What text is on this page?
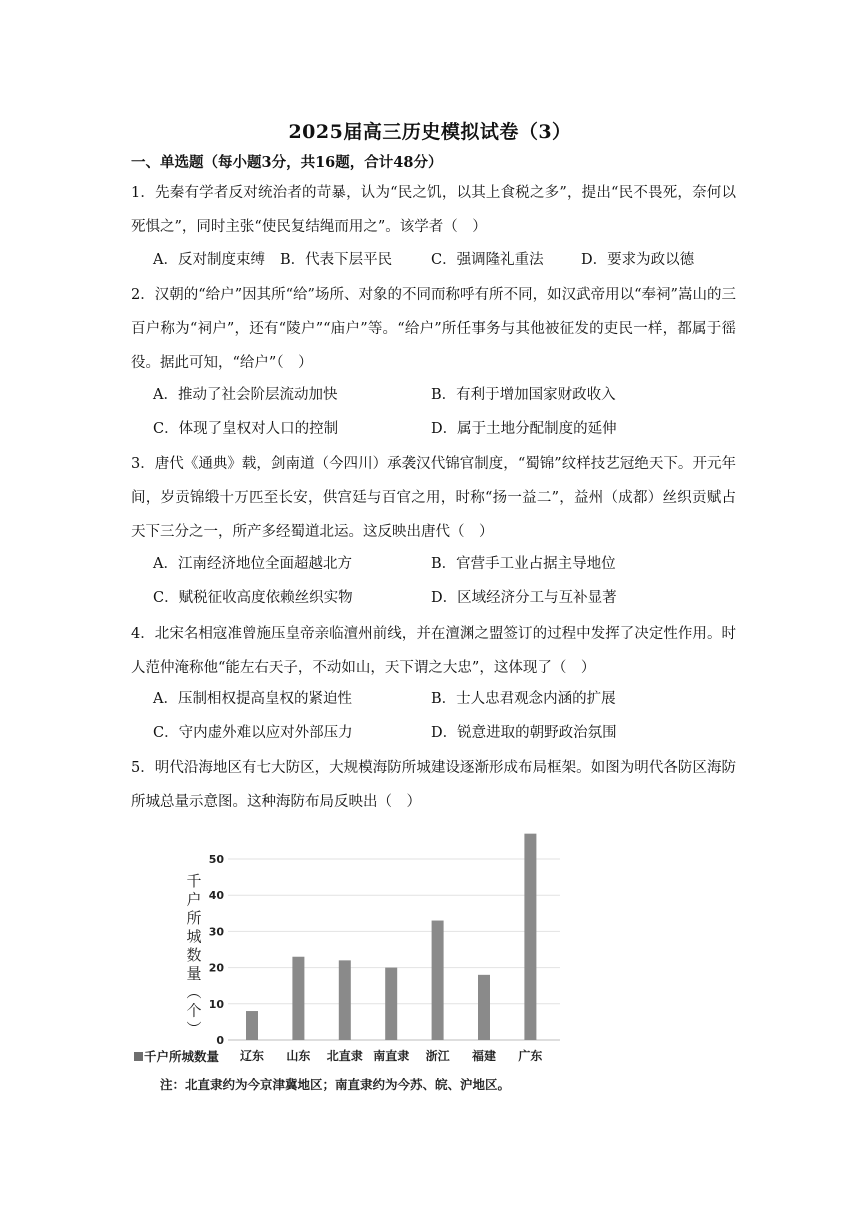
2025届高三历史模拟试卷（3）
一、单选题（每小题3分，共16题，合计48分）
1．先秦有学者反对统治者的苛暴，认为“民之饥，以其上食税之多”，提出“民不畏死，奈何以死惧之”，同时主张“使民复结绳而用之”。该学者（　）
A．反对制度束缚 B．代表下层平民	C．强调隆礼重法	D．要求为政以德
2．汉朝的“给户”因其所“给”场所、对象的不同而称呼有所不同，如汉武帝用以“奉祠”嵩山的三百户称为“祠户”，还有“陵户”“庙户”等。“给户”所任事务与其他被征发的吏民一样，都属于徭役。据此可知，“给户”（　）
A．推动了社会阶层流动加快	B．有利于增加国家财政收入
C．体现了皇权对人口的控制	D．属于土地分配制度的延伸
3．唐代《通典》载，剑南道（今四川）承袭汉代锦官制度，“蜀锦”纹样技艺冠绝天下。开元年间，岁贡锦缎十万匹至长安，供宫廷与百官之用，时称“扬一益二”，益州（成都）丝织贡赋占天下三分之一，所产多经蜀道北运。这反映出唐代（　）
A．江南经济地位全面超越北方	B．官营手工业占据主导地位
C．赋税征收高度依赖丝织实物	D．区域经济分工与互补显著
4．北宋名相寇准曾施压皇帝亲临澶州前线，并在澶渊之盟签订的过程中发挥了决定性作用。时人范仲淹称他“能左右天子，不动如山，天下谓之大忠”，这体现了（　）
A．压制相权提高皇权的紧迫性	B．士人忠君观念内涵的扩展
C．守内虚外难以应对外部压力	D．锐意进取的朝野政治氛围
5．明代沿海地区有七大防区，大规模海防所城建设逐渐形成布局框架。如图为明代各防区海防所城总量示意图。这种海防布局反映出（　）
0
10
20
30
40
50
辽东 山东 北直隶 南直隶 浙江 福建 广东
千户所城数量︵个︶
千户所城数量
注：北直隶约为今京津冀地区；南直隶约为今苏、皖、沪地区。
